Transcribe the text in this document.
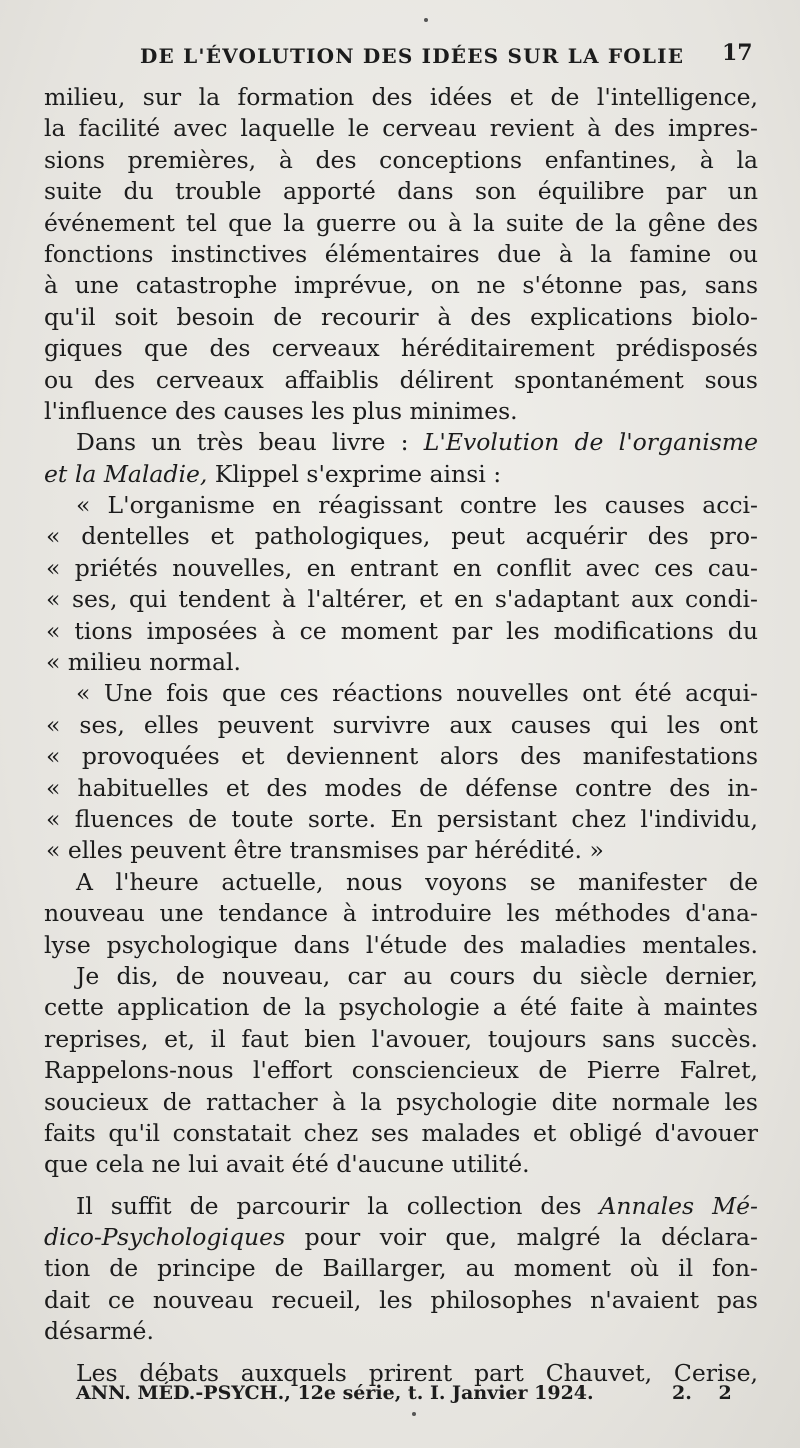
DE L'ÉVOLUTION DES IDÉES SUR LA FOLIE 17
milieu, sur la formation des idées et de l'intelligence,
la facilité avec laquelle le cerveau revient à des impres-
sions premières, à des conceptions enfantines, à la
suite du trouble apporté dans son équilibre par un
événement tel que la guerre ou à la suite de la gêne des
fonctions instinctives élémentaires due à la famine ou
à une catastrophe imprévue, on ne s'étonne pas, sans
qu'il soit besoin de recourir à des explications biolo-
giques que des cerveaux héréditairement prédisposés
ou des cerveaux affaiblis délirent spontanément sous
l'influence des causes les plus minimes.
Dans un très beau livre : L'Evolution de l'organisme
et la Maladie, Klippel s'exprime ainsi :
« L'organisme en réagissant contre les causes acci-
« dentelles et pathologiques, peut acquérir des pro-
« priétés nouvelles, en entrant en conflit avec ces cau-
« ses, qui tendent à l'altérer, et en s'adaptant aux condi-
« tions imposées à ce moment par les modifications du
« milieu normal.
« Une fois que ces réactions nouvelles ont été acqui-
« ses, elles peuvent survivre aux causes qui les ont
« provoquées et deviennent alors des manifestations
« habituelles et des modes de défense contre des in-
« fluences de toute sorte. En persistant chez l'individu,
« elles peuvent être transmises par hérédité. »
A l'heure actuelle, nous voyons se manifester de
nouveau une tendance à introduire les méthodes d'ana-
lyse psychologique dans l'étude des maladies mentales.
Je dis, de nouveau, car au cours du siècle dernier,
cette application de la psychologie a été faite à maintes
reprises, et, il faut bien l'avouer, toujours sans succès.
Rappelons-nous l'effort consciencieux de Pierre Falret,
soucieux de rattacher à la psychologie dite normale les
faits qu'il constatait chez ses malades et obligé d'avouer
que cela ne lui avait été d'aucune utilité.
Il suffit de parcourir la collection des Annales Mé-
dico-Psychologiques pour voir que, malgré la déclara-
tion de principe de Baillarger, au moment où il fon-
dait ce nouveau recueil, les philosophes n'avaient pas
désarmé.
Les débats auxquels prirent part Chauvet, Cerise,
ANN. MÉD.-PSYCH., 12e série, t. I. Janvier 1924.	2. 2
